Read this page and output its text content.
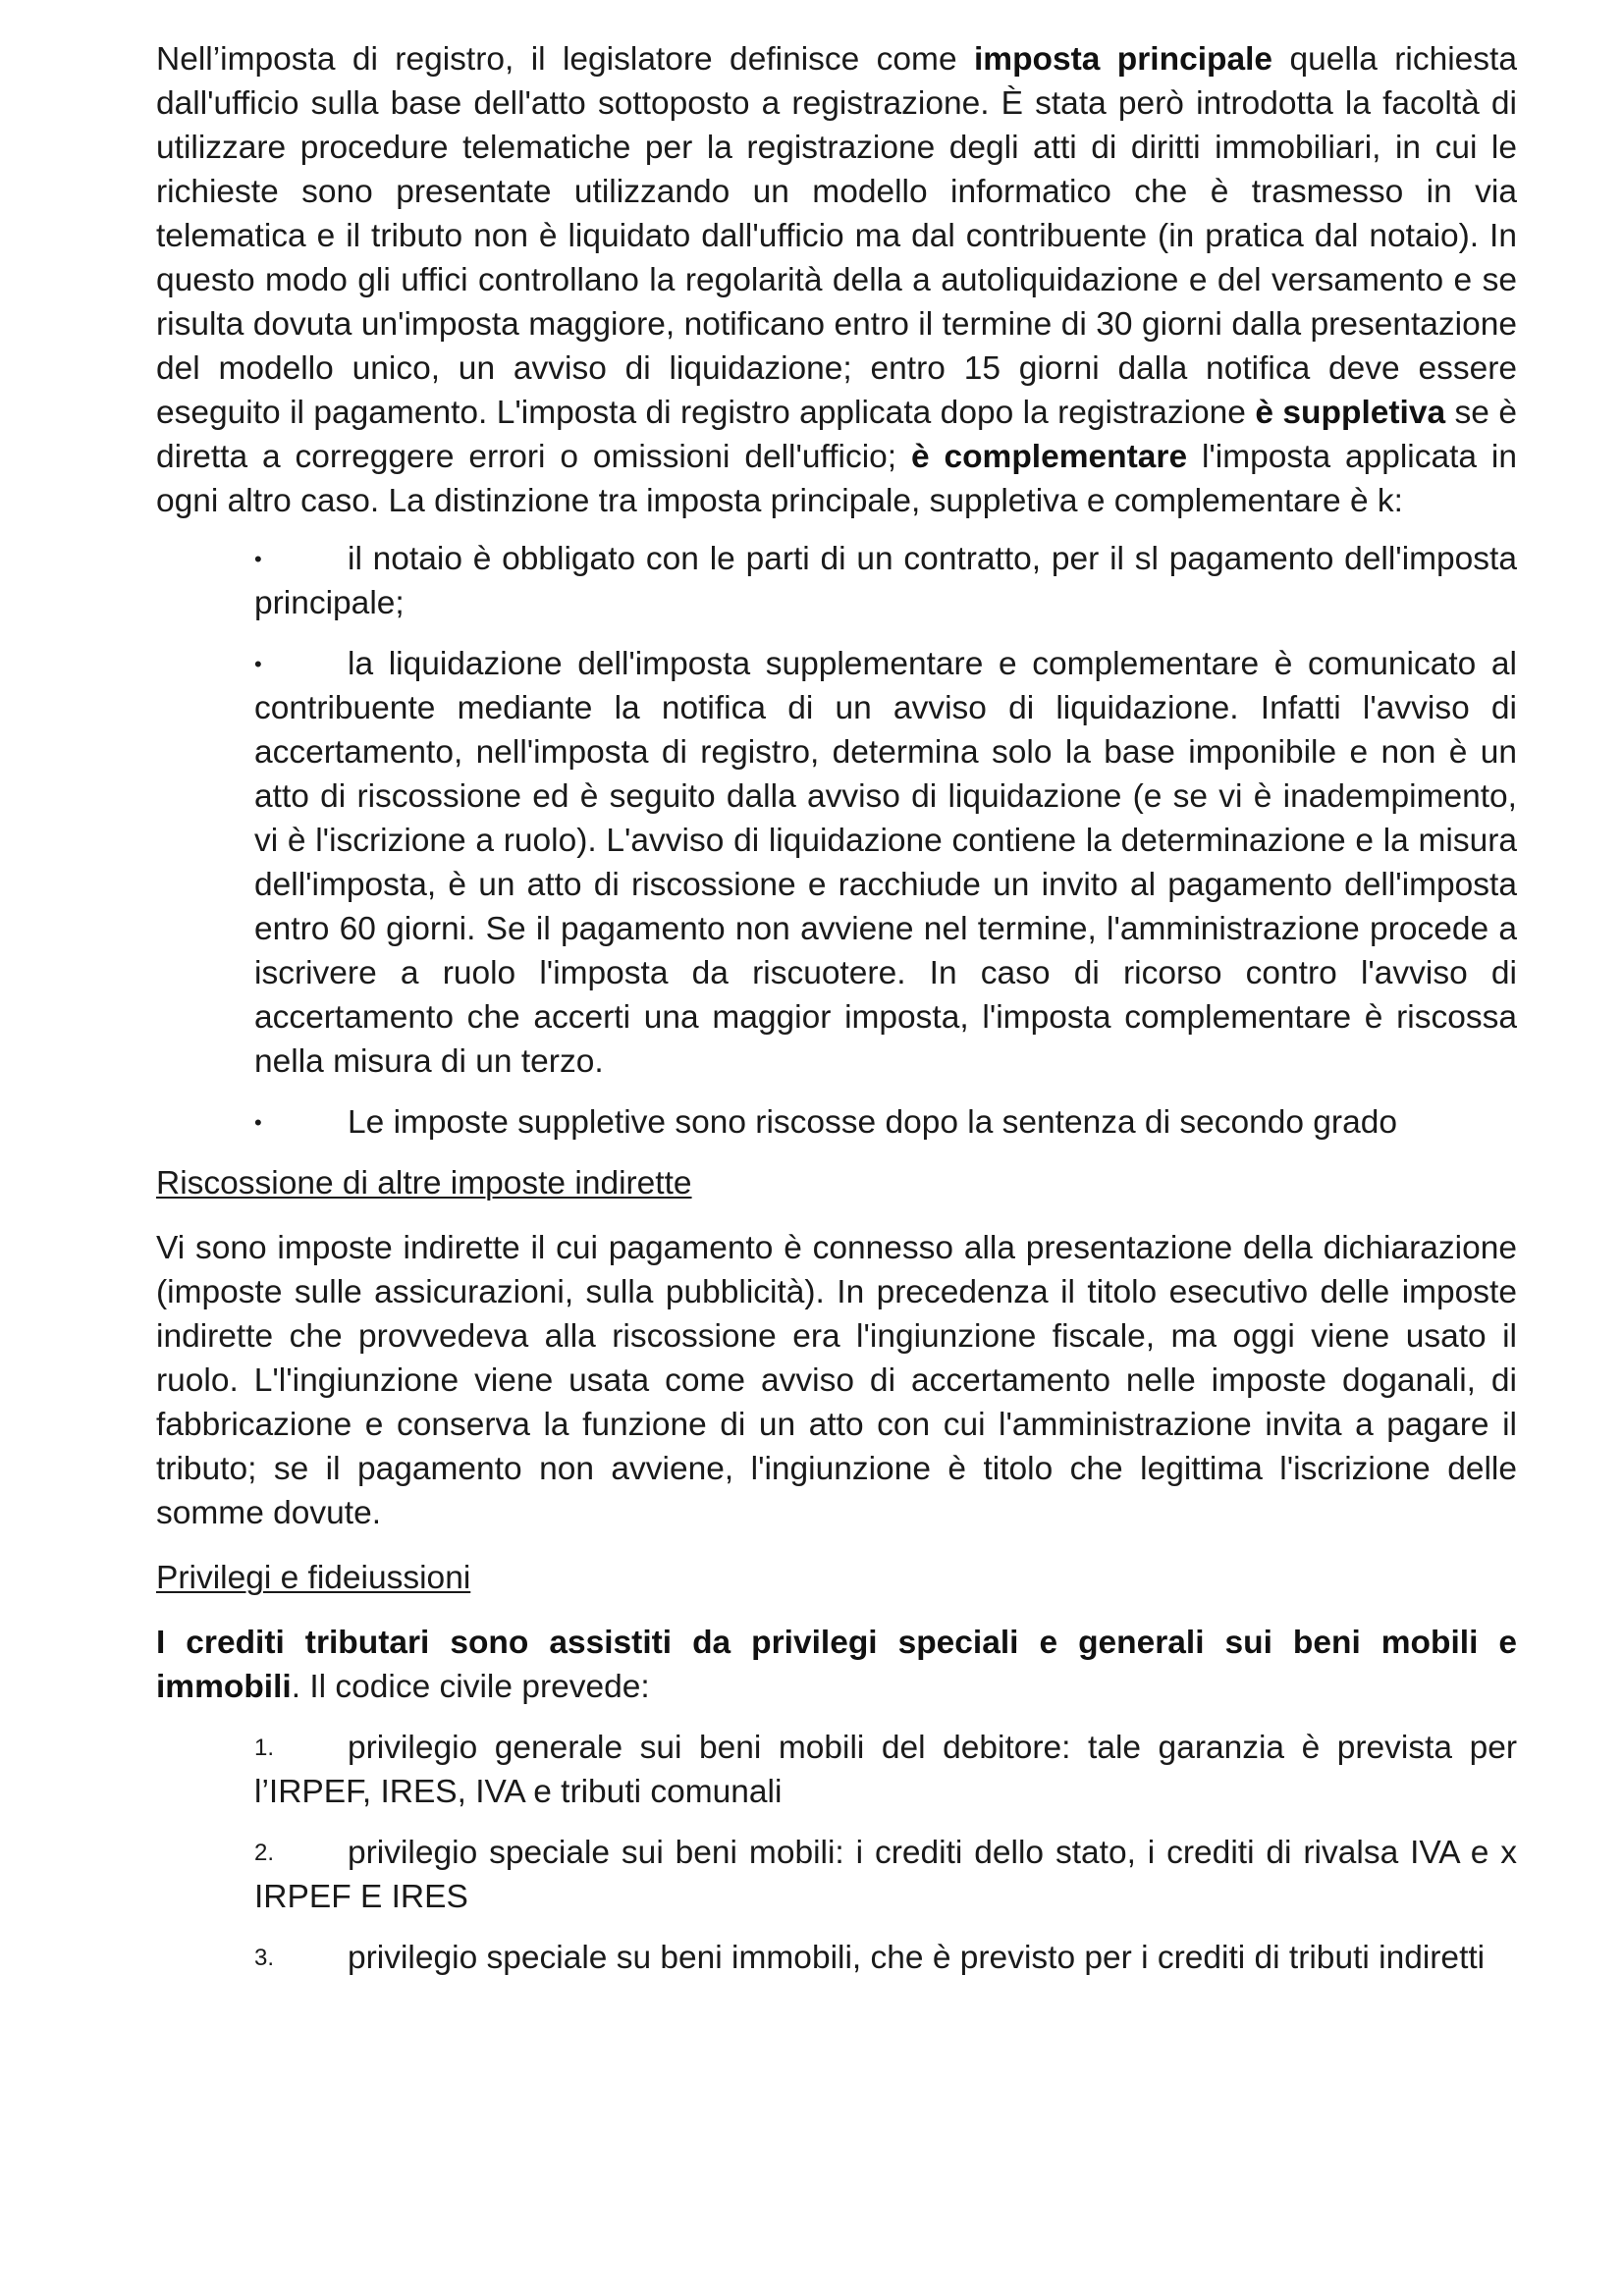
Nell’imposta di registro, il legislatore definisce come imposta principale quella richiesta dall'ufficio sulla base dell'atto sottoposto a registrazione. È stata però introdotta la facoltà di utilizzare procedure telematiche per la registrazione degli atti di diritti immobiliari, in cui le richieste sono presentate utilizzando un modello informatico che è trasmesso in via telematica e il tributo non è liquidato dall'ufficio ma dal contribuente (in pratica dal notaio). In questo modo gli uffici controllano la regolarità della a autoliquidazione e del versamento e se risulta dovuta un'imposta maggiore, notificano entro il termine di 30 giorni dalla presentazione del modello unico, un avviso di liquidazione; entro 15 giorni dalla notifica deve essere eseguito il pagamento. L'imposta di registro applicata dopo la registrazione è suppletiva se è diretta a correggere errori o omissioni dell'ufficio; è complementare l'imposta applicata in ogni altro caso. La distinzione tra imposta principale, suppletiva e complementare è k:

•	il notaio è obbligato con le parti di un contratto, per il sl pagamento dell'imposta principale;

•	la liquidazione dell'imposta supplementare e complementare è comunicato al contribuente mediante la notifica di un avviso di liquidazione. Infatti l'avviso di accertamento, nell'imposta di registro, determina solo la base imponibile e non è un atto di riscossione ed è seguito dalla avviso di liquidazione (e se vi è inadempimento, vi è l'iscrizione a ruolo). L'avviso di liquidazione contiene la determinazione e la misura dell'imposta, è un atto di riscossione e racchiude un invito al pagamento dell'imposta entro 60 giorni. Se il pagamento non avviene nel termine, l'amministrazione procede a iscrivere a ruolo l'imposta da riscuotere. In caso di ricorso contro l'avviso di accertamento che accerti una maggior imposta, l'imposta complementare è riscossa nella misura di un terzo.

•	Le imposte suppletive sono riscosse dopo la sentenza di secondo grado

Riscossione di altre imposte indirette

Vi sono imposte indirette il cui pagamento è connesso alla presentazione della dichiarazione (imposte sulle assicurazioni, sulla pubblicità). In precedenza il titolo esecutivo delle imposte indirette che provvedeva alla riscossione era l'ingiunzione fiscale, ma oggi viene usato il ruolo. L'l'ingiunzione viene usata come avviso di accertamento nelle imposte doganali, di fabbricazione e conserva la funzione di un atto con cui l'amministrazione invita a pagare il tributo; se il pagamento non avviene, l'ingiunzione è titolo che legittima l'iscrizione delle somme dovute.

Privilegi e fideiussioni

I crediti tributari sono assistiti da privilegi speciali e generali sui beni mobili e immobili. Il codice civile prevede:

1.	privilegio generale sui beni mobili del debitore: tale garanzia è prevista per l’IRPEF, IRES, IVA e tributi comunali

2.	privilegio speciale sui beni mobili: i crediti dello stato, i crediti di rivalsa IVA e x IRPEF E IRES

3.	privilegio speciale su beni immobili, che è previsto per i crediti di tributi indiretti
